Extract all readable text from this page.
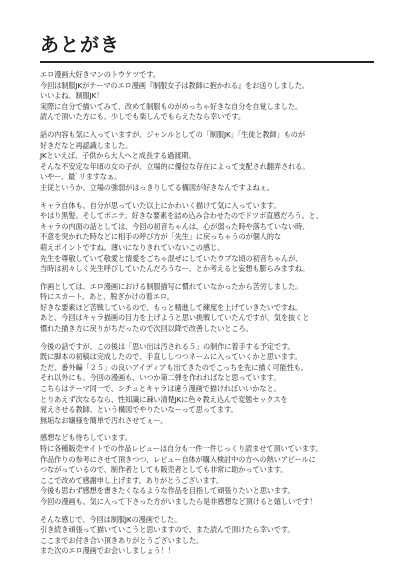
あとがき
エロ漫画大好きマンのトウケツです。
今回は制服JKがテーマのエロ漫画『制服女子は教師に抱かれる』をお送りしました。
いいよね、制服JK！
実際に自分で描いてみて、改めて制服ものがめっちゃ好きな自分を自覚しました。
読んで頂いた方にも、少しでも楽しんでもらえたなら幸いです。
話の内容も気に入っていますが、ジャンルとしての「制服JK」「生徒と教師」ものが
好きだなと再認識しました。
JKといえば、子供から大人へと成長する過渡期。
そんな不安定な年頃の女の子が、立場的に優位な存在によって支配され翻弄される。
いやー、最ﾞリますなぁ。
主従というか、立場の強弱がはっきりしてる構図が好きなんですよねぇ。
キャラ自体も、自分が思っていた以上にかわいく描けて気に入っています。
やはり黒髪。そしてポニテ。好きな要素を詰め込み合わせたのでドツボ直感だろう。と、
キャラの内面の話としては、今回の初音ちゃんは、心が弱った時や落ちていない時、
不意を突かれた時などに相手の呼び方が「先生」に戻っちゃうのが個人的な
萌えポイントですね。薄いになりきれていないこの感じ。
先生を尊敬していて敬愛と情愛をごちゃ混ぜにしていたウブな頃の初音ちゃんが、
当時は初々しく先生呼びしていたんだろうなー、とか考えると妄想も膨らみますね。
作画としては、エロ漫画における制服描写に慣れていなかったから苦労しました。
特にスカート。あと、脱ぎかけの着エロ。
好きな要素ほど苦戦しているので、もっと精進して練度を上げていきたいですね。
あと、今回はキャラ描画の目力を上げようと思い挑戦していたんですが、気を抜くと
慣れた描き方に戻りがちだったので次回以降で改善したいところ。
今後の話ですが、この後は「思い出は汚される５」の制作に着手する予定です。
既に脚本の初稿は完成したので、手直ししつつネームに入っていくかと思います。
ただ、番外編「２５」の良いアイディアも出てきたのでこっちを先に描く可能性も。
それ以外にも、今回の漫画も、いつか第二弾を作れればなと思っています。
こちらはテーマ同一で、シチュとキャラは違う漫画で描ければいいかなと。
とりあえず次なるなら、性知識に疎い清楚JKに色々教え込んで変態セックスを
覚えさせる教師、という構図でやりたいなーって思ってます。
無垢なお嬢様を簡単で汚れさせてぇー。
感想なども待ちしています。
特に各種販売サイトでの作品レビューは自分も一件一件じっくり読ませて頂いています。
作品作りの参考にさせて頂きつつ、レビュー自体が購入検討中の方への熱いアピールに
つながっているので、制作者としても販売者としても非常に助かっています。
ここで改めて感謝申し上げます。ありがとうございます。
今後も思わず感想を書きたくなるような作品を目指して頑張りたいと思います。
今回の漫画も、気に入って下さった方がいましたら是非感想など頂けると嬉しいです！
そんな感じで、今回は制服JKの漫画でした。
引き続き頑張って描いていこうと思いますので、また読んで頂けたら幸いです。
ここまでお付き合い頂きありがとうございました。
また次のエロ漫画でお会いしましょう！！
